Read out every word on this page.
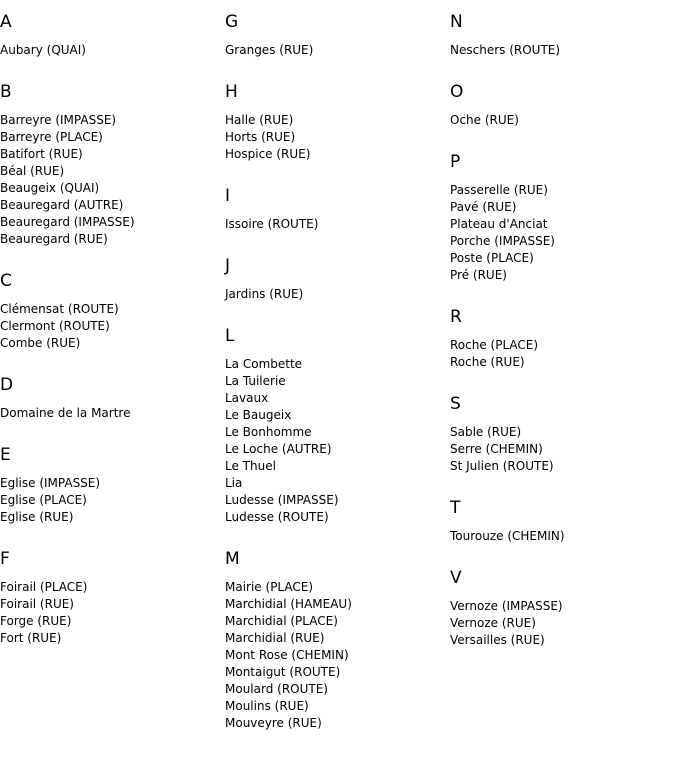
A
Aubary (QUAI)
B
Barreyre (IMPASSE)
Barreyre (PLACE)
Batifort (RUE)
Béal (RUE)
Beaugeix (QUAI)
Beauregard (AUTRE)
Beauregard (IMPASSE)
Beauregard (RUE)
C
Clémensat (ROUTE)
Clermont (ROUTE)
Combe (RUE)
D
Domaine de la Martre
E
Eglise (IMPASSE)
Eglise (PLACE)
Eglise (RUE)
F
Foirail (PLACE)
Foirail (RUE)
Forge (RUE)
Fort (RUE)
G
Granges (RUE)
H
Halle (RUE)
Horts (RUE)
Hospice (RUE)
I
Issoire (ROUTE)
J
Jardins (RUE)
L
La Combette
La Tuilerie
Lavaux
Le Baugeix
Le Bonhomme
Le Loche (AUTRE)
Le Thuel
Lia
Ludesse (IMPASSE)
Ludesse (ROUTE)
M
Mairie (PLACE)
Marchidial (HAMEAU)
Marchidial (PLACE)
Marchidial (RUE)
Mont Rose (CHEMIN)
Montaigut (ROUTE)
Moulard (ROUTE)
Moulins (RUE)
Mouveyre (RUE)
N
Neschers (ROUTE)
O
Oche (RUE)
P
Passerelle (RUE)
Pavé (RUE)
Plateau d'Anciat
Porche (IMPASSE)
Poste (PLACE)
Pré (RUE)
R
Roche (PLACE)
Roche (RUE)
S
Sable (RUE)
Serre (CHEMIN)
St Julien (ROUTE)
T
Tourouze (CHEMIN)
V
Vernoze (IMPASSE)
Vernoze (RUE)
Versailles (RUE)
